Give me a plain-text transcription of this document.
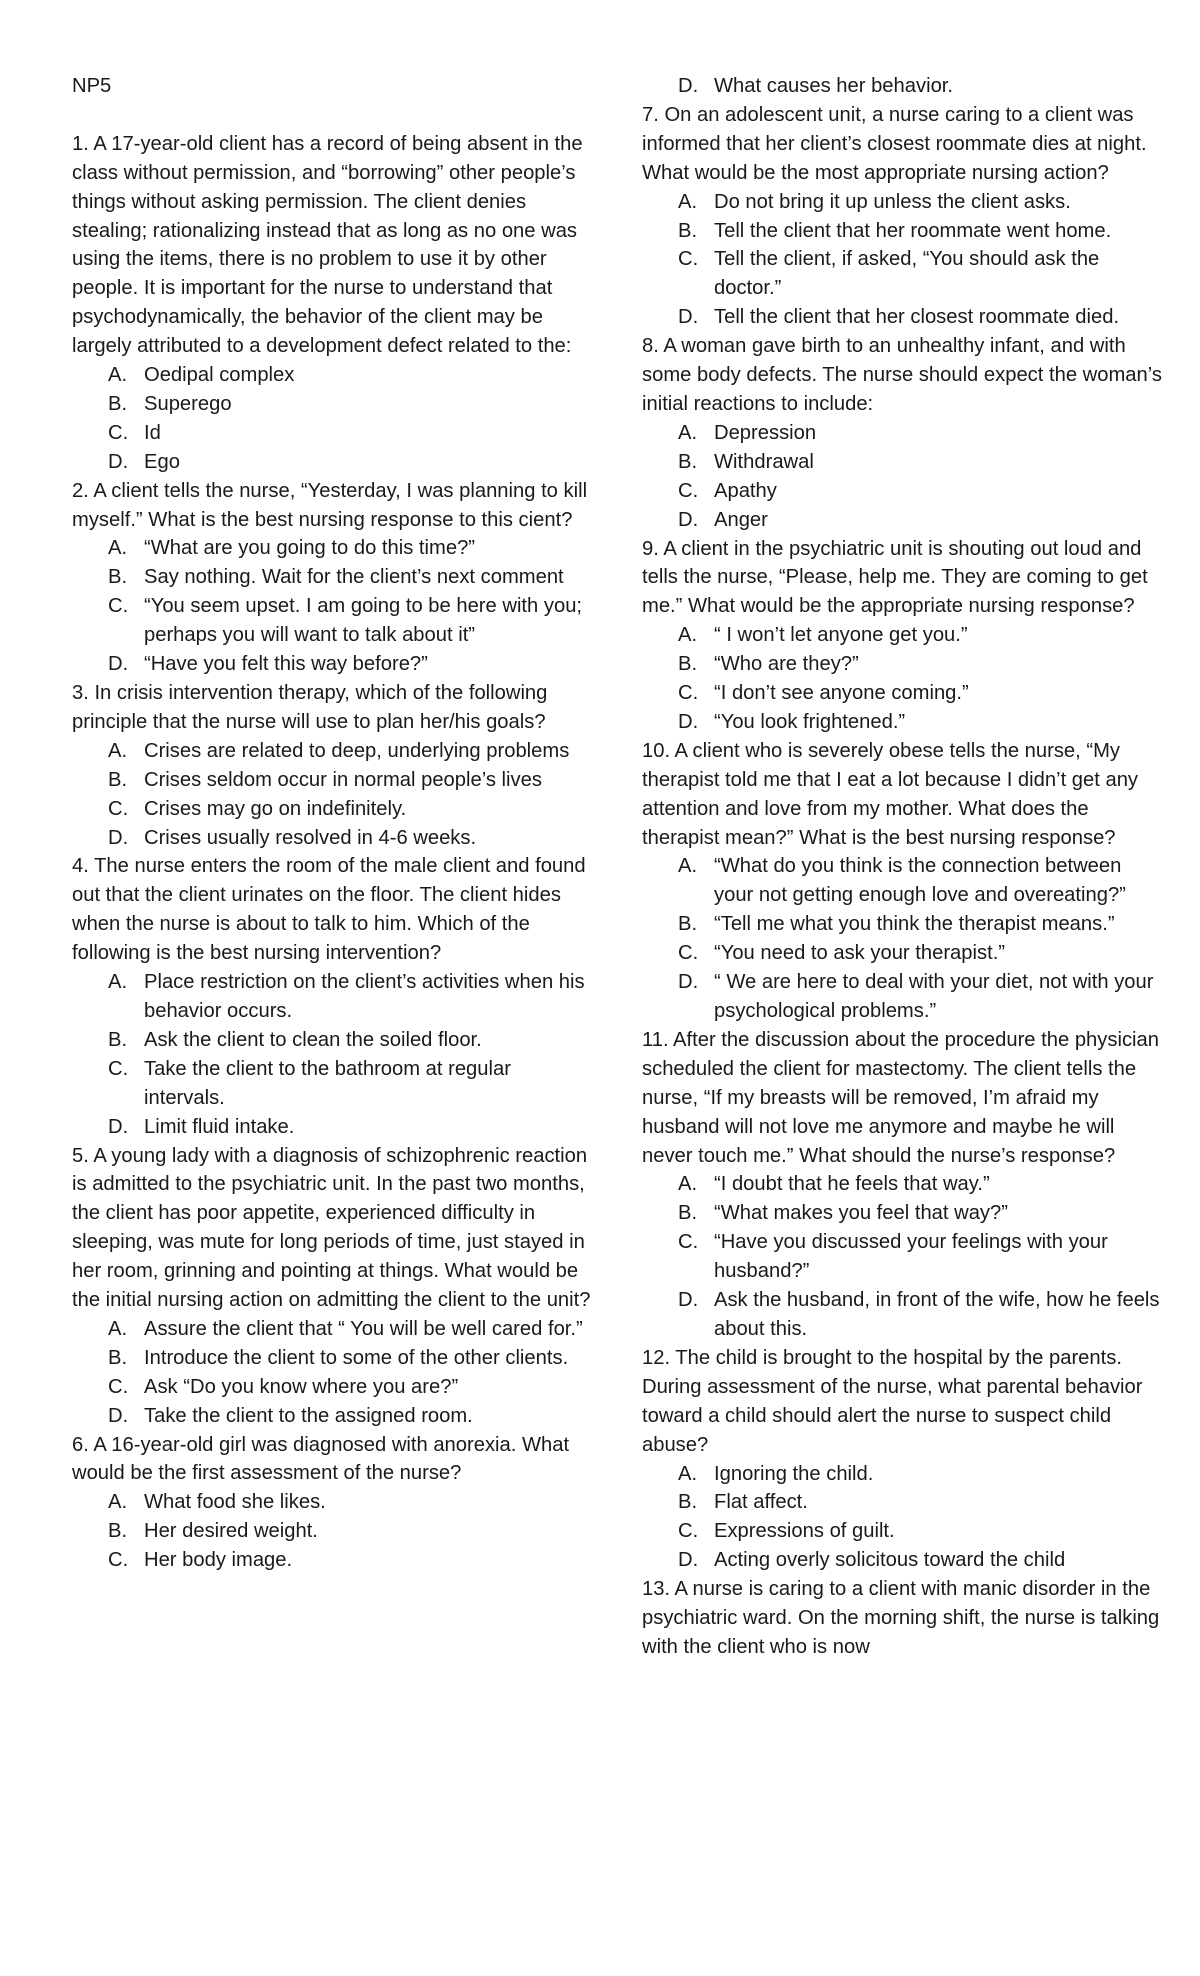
NP5

1. A 17-year-old client has a record of being absent in the class without permission, and “borrowing” other people’s things without asking permission. The client denies stealing; rationalizing instead that as long as no one was using the items, there is no problem to use it by other people. It is important for the nurse to understand that psychodynamically, the behavior of the client may be largely attributed to a development defect related to the:

A. Oedipal complex
B. Superego
C. Id
D. Ego

2. A client tells the nurse, “Yesterday, I was planning to kill myself.” What is the best nursing response to this cient?

A. “What are you going to do this time?”
B. Say nothing. Wait for the client’s next comment
C. “You seem upset. I am going to be here with you; perhaps you will want to talk about it”
D. “Have you felt this way before?”

3. In crisis intervention therapy, which of the following principle that the nurse will use to plan her/his goals?

A. Crises are related to deep, underlying problems
B. Crises seldom occur in normal people’s lives
C. Crises may go on indefinitely.
D. Crises usually resolved in 4-6 weeks.

4. The nurse enters the room of the male client and found out that the client urinates on the floor. The client hides when the nurse is about to talk to him. Which of the following is the best nursing intervention?

A. Place restriction on the client’s activities when his behavior occurs.
B. Ask the client to clean the soiled floor.
C. Take the client to the bathroom at regular intervals.
D. Limit fluid intake.

5. A young lady with a diagnosis of schizophrenic reaction is admitted to the psychiatric unit. In the past two months, the client has poor appetite, experienced difficulty in sleeping, was mute for long periods of time, just stayed in her room, grinning and pointing at things. What would be the initial nursing action on admitting the client to the unit?

A. Assure the client that “ You will be well cared for.”
B. Introduce the client to some of the other clients.
C. Ask “Do you know where you are?”
D. Take the client to the assigned room.

6. A 16-year-old girl was diagnosed with anorexia. What would be the first assessment of the nurse?

A. What food she likes.
B. Her desired weight.
C. Her body image.
D. What causes her behavior.

7. On an adolescent unit, a nurse caring to a client was informed that her client’s closest roommate dies at night. What would be the most appropriate nursing action?

A. Do not bring it up unless the client asks.
B. Tell the client that her roommate went home.
C. Tell the client, if asked, “You should ask the doctor.”
D. Tell the client that her closest roommate died.

8. A woman gave birth to an unhealthy infant, and with some body defects. The nurse should expect the woman’s initial reactions to include:

A. Depression
B. Withdrawal
C. Apathy
D. Anger

9. A client in the psychiatric unit is shouting out loud and tells the nurse, “Please, help me. They are coming to get me.” What would be the appropriate nursing response?

A. “ I won’t let anyone get you.”
B. “Who are they?”
C. “I don’t see anyone coming.”
D. “You look frightened.”

10. A client who is severely obese tells the nurse, “My therapist told me that I eat a lot because I didn’t get any attention and love from my mother. What does the therapist mean?” What is the best nursing response?

A. “What do you think is the connection between your not getting enough love and overeating?”
B. “Tell me what you think the therapist means.”
C. “You need to ask your therapist.”
D. “ We are here to deal with your diet, not with your psychological problems.”

11. After the discussion about the procedure the physician scheduled the client for mastectomy. The client tells the nurse, “If my breasts will be removed, I’m afraid my husband will not love me anymore and maybe he will never touch me.” What should the nurse’s response?

A. “I doubt that he feels that way.”
B. “What makes you feel that way?”
C. “Have you discussed your feelings with your husband?”
D. Ask the husband, in front of the wife, how he feels about this.

12. The child is brought to the hospital by the parents. During assessment of the nurse, what parental behavior toward a child should alert the nurse to suspect child abuse?

A. Ignoring the child.
B. Flat affect.
C. Expressions of guilt.
D. Acting overly solicitous toward the child

13. A nurse is caring to a client with manic disorder in the psychiatric ward. On the morning shift, the nurse is talking with the client who is now
